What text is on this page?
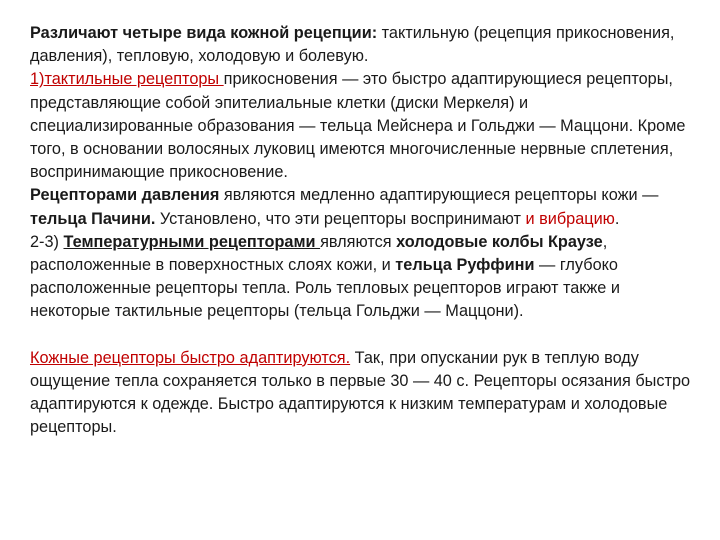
Различают четыре вида кожной рецепции: тактильную (рецепция прикосновения, давления), тепловую, холодовую и болевую.
1)тактильные рецепторы прикосновения — это быстро адаптирующиеся рецепторы, представляющие собой эпителиальные клетки (диски Меркеля) и специализированные образования — тельца Мейснера и Гольджи — Маццони. Кроме того, в основании волосяных луковиц имеются многочисленные нервные сплетения, воспринимающие прикосновение.
Рецепторами давления являются медленно адаптирующиеся рецепторы кожи — тельца Пачини. Установлено, что эти рецепторы воспринимают и вибрацию.
2-3) Температурными рецепторами являются холодовые колбы Краузе, расположенные в поверхностных слоях кожи, и тельца Руффини — глубоко расположенные рецепторы тепла. Роль тепловых рецепторов играют также и некоторые тактильные рецепторы (тельца Гольджи — Маццони).

Кожные рецепторы быстро адаптируются. Так, при опускании рук в теплую воду ощущение тепла сохраняется только в первые 30 — 40 с. Рецепторы осязания быстро адаптируются к одежде. Быстро адаптируются к низким температурам и холодовые рецепторы.
